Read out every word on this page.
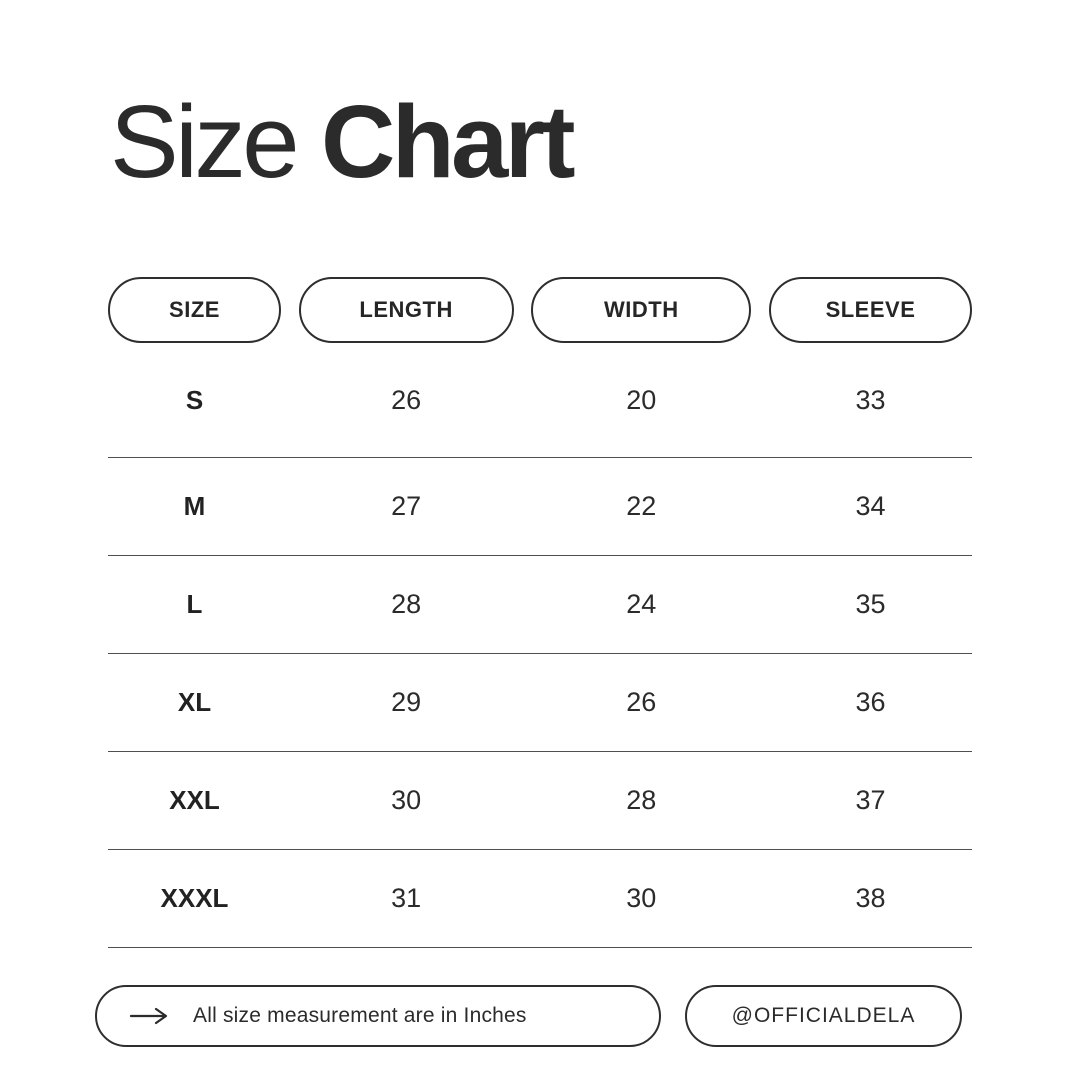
Size Chart
SIZE	LENGTH	WIDTH	SLEEVE
S	26	20	33
M	27	22	34
L	28	24	35
XL	29	26	36
XXL	30	28	37
XXXL	31	30	38
All size measurement are in Inches	@OFFICIALDELA
